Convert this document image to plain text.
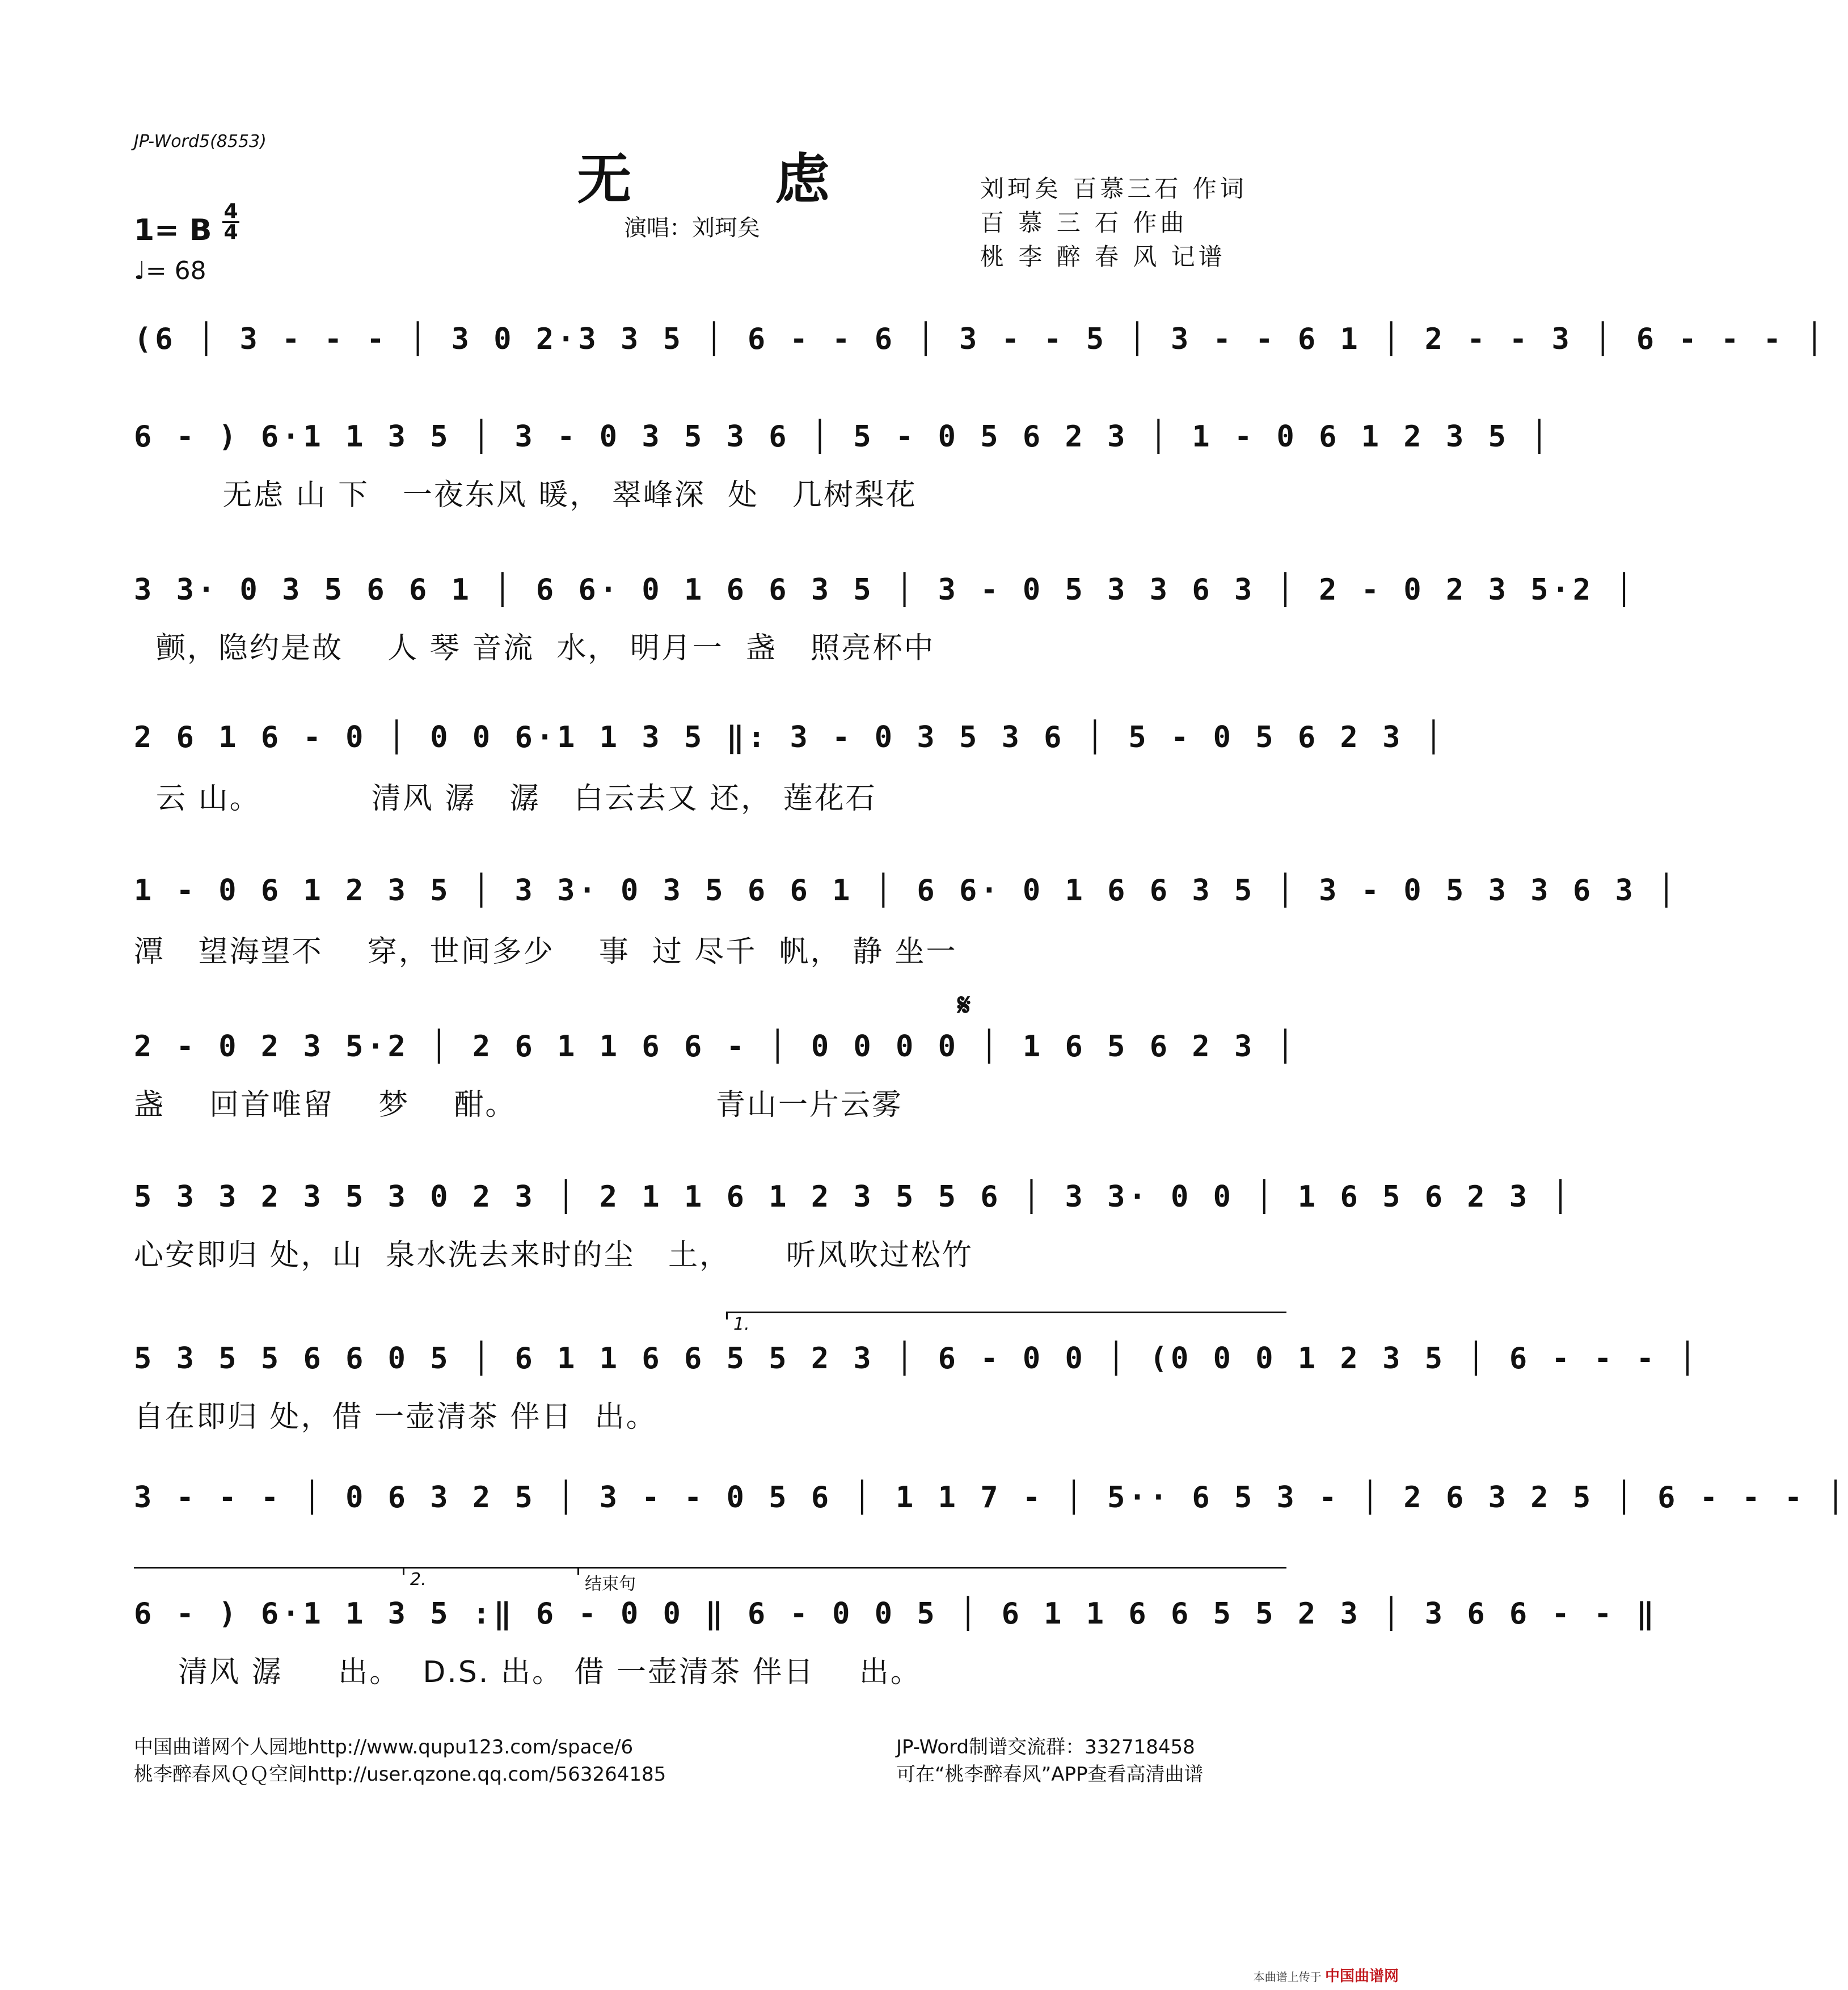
JP-Word5(8553)
无 虑
演唱：刘珂矣
刘珂矣 百慕三石 作词
百 慕 三 石 作曲
桃 李 醉 春 风 记谱
1= B $\frac{4}{4}$
♩= 68
(6 │ 3 - - - │ 3 0 2·3 3 5 │ 6 - - 6 │ 3 - - 5 │ 3 - - 6 1 │ 2 - - 3 │ 6 - - - │
6 - ) 6·1 1 3 5 │ 3 - 0 3 5 3 6 │ 5 - 0 5 6 2 3 │ 1 - 0 6 1 2 3 5 │
无虑 山 下   一夜东风 暖， 翠峰深  处   几树梨花
3 3· 0 3 5 6 6 1 │ 6 6· 0 1 6 6 3 5 │ 3 - 0 5 3 3 6 3 │ 2 - 0 2 3 5·2 │
颤，隐约是故    人 琴 音流  水， 明月一  盏   照亮杯中
2 6 1 6 - 0 │ 0 0 6·1 1 3 5 ‖: 3 - 0 3 5 3 6 │ 5 - 0 5 6 2 3 │
云 山。          清风 潺   潺   白云去又 还， 莲花石
1 - 0 6 1 2 3 5 │ 3 3· 0 3 5 6 6 1 │ 6 6· 0 1 6 6 3 5 │ 3 - 0 5 3 3 6 3 │
潭   望海望不    穿，世间多少    事  过 尽千  帆， 静 坐一
𝄋
2 - 0 2 3 5·2 │ 2 6 1 1 6 6 - │ 0 0 0 0 │ 1 6 5 6 2 3 │
盏    回首唯留    梦    酣。                  青山一片云雾
5 3 3 2 3 5 3 0 2 3 │ 2 1 1 6 1 2 3 5 5 6 │ 3 3· 0 0 │ 1 6 5 6 2 3 │
心安即归 处，山  泉水洗去来时的尘   土，     听风吹过松竹
1.
5 3 5 5 6 6 0 5 │ 6 1 1 6 6 5 5 2 3 │ 6 - 0 0 │ (0 0 0 1 2 3 5 │ 6 - - - │
自在即归 处，借 一壶清茶 伴日  出。
3 - - - │ 0 6 3 2 5 │ 3 - - 0 5 6 │ 1 1 7 - │ 5·· 6 5 3 - │ 2 6 3 2 5 │ 6 - - - │
2.	结束句
6 - ) 6·1 1 3 5 :‖ 6 - 0 0 ‖ 6 - 0 0 5 │ 6 1 1 6 6 5 5 2 3 │ 3 6 6 - - ‖
清风 潺     出。  D.S. 出。 借 一壶清茶 伴日    出。
中国曲谱网个人园地http://www.qupu123.com/space/6
桃李醉春风ＱＱ空间http://user.qzone.qq.com/563264185
JP-Word制谱交流群：332718458
可在“桃李醉春风”APP查看高清曲谱
本曲谱上传于 中国曲谱网
